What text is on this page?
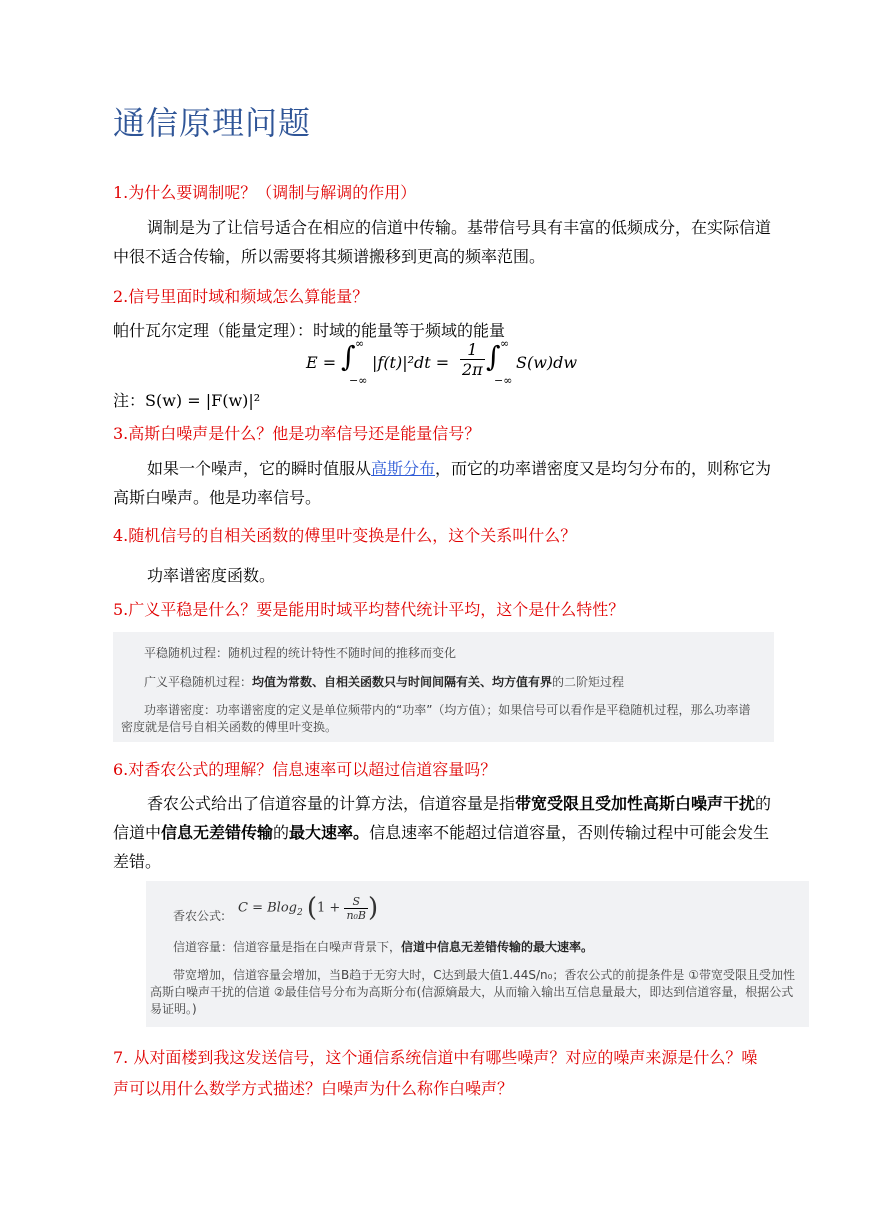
通信原理问题
1.为什么要调制呢？（调制与解调的作用）
调制是为了让信号适合在相应的信道中传输。基带信号具有丰富的低频成分，在实际信道中很不适合传输，所以需要将其频谱搬移到更高的频率范围。
2.信号里面时域和频域怎么算能量？
帕什瓦尔定理（能量定理）：时域的能量等于频域的能量
E = ∫ ∞
−∞
$|f(t)|^2dt = \frac{1}{2\pi}$ ∫ ∞
−∞
S(w)dw
注：S(w) = |F(w)|²
3.高斯白噪声是什么？他是功率信号还是能量信号？
如果一个噪声，它的瞬时值服从高斯分布，而它的功率谱密度又是均匀分布的，则称它为高斯白噪声。他是功率信号。
4.随机信号的自相关函数的傅里叶变换是什么，这个关系叫什么？
功率谱密度函数。
5.广义平稳是什么？要是能用时域平均替代统计平均，这个是什么特性？
平稳随机过程：随机过程的统计特性不随时间的推移而变化
广义平稳随机过程：均值为常数、自相关函数只与时间间隔有关、均方值有界的二阶矩过程
功率谱密度：功率谱密度的定义是单位频带内的“功率”（均方值）；如果信号可以看作是平稳随机过程，那么功率谱密度就是信号自相关函数的傅里叶变换。
6.对香农公式的理解？信息速率可以超过信道容量吗？
香农公式给出了信道容量的计算方法，信道容量是指带宽受限且受加性高斯白噪声干扰的信道中信息无差错传输的最大速率。信息速率不能超过信道容量，否则传输过程中可能会发生差错。
香农公式:
C = Blog$_2$ ($1 + \frac{S}{\text{n₀B}}$ )
信道容量：信道容量是指在白噪声背景下，信道中信息无差错传输的最大速率。
带宽增加，信道容量会增加，当B趋于无穷大时，C达到最大值1.44S/n₀；香农公式的前提条件是 ①带宽受限且受加性高斯白噪声干扰的信道 ②最佳信号分布为高斯分布(信源熵最大，从而输入输出互信息量最大，即达到信道容量，根据公式易证明。)
7. 从对面楼到我这发送信号，这个通信系统信道中有哪些噪声？对应的噪声来源是什么？噪声可以用什么数学方式描述？白噪声为什么称作白噪声？
